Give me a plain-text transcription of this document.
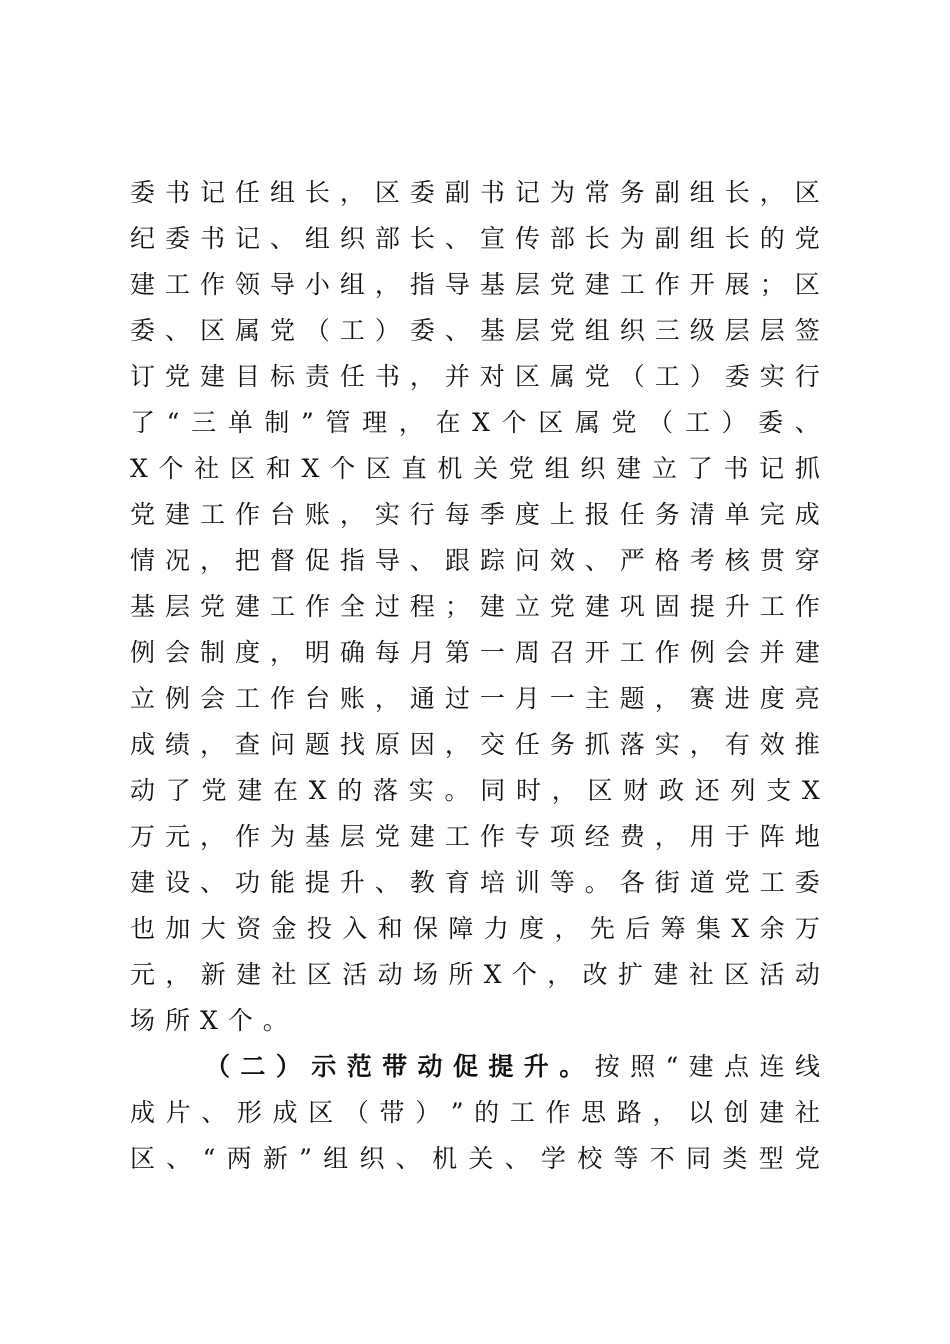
委 书 记 任 组 长 ， 区 委 副 书 记 为 常 务 副 组 长 ， 区
纪 委 书 记 、 组 织 部 长 、 宣 传 部 长 为 副 组 长 的 党
建 工 作 领 导 小 组 ， 指 导 基 层 党 建 工 作 开 展 ； 区
委 、 区 属 党 （ 工 ） 委 、 基 层 党 组 织 三 级 层 层 签
订 党 建 目 标 责 任 书 ， 并 对 区 属 党 （ 工 ） 委 实 行
了 “ 三 单 制 ” 管 理 ， 在 X 个 区 属 党 （ 工 ） 委 、
X 个 社 区 和 X 个 区 直 机 关 党 组 织 建 立 了 书 记 抓
党 建 工 作 台 账 ， 实 行 每 季 度 上 报 任 务 清 单 完 成
情 况 ， 把 督 促 指 导 、 跟 踪 问 效 、 严 格 考 核 贯 穿
基 层 党 建 工 作 全 过 程 ； 建 立 党 建 巩 固 提 升 工 作
例 会 制 度 ， 明 确 每 月 第 一 周 召 开 工 作 例 会 并 建
立 例 会 工 作 台 账 ， 通 过 一 月 一 主 题 ， 赛 进 度 亮
成 绩 ， 查 问 题 找 原 因 ， 交 任 务 抓 落 实 ， 有 效 推
动 了 党 建 在 X 的 落 实 。 同 时 ， 区 财 政 还 列 支 X
万 元 ， 作 为 基 层 党 建 工 作 专 项 经 费 ， 用 于 阵 地
建 设 、 功 能 提 升 、 教 育 培 训 等 。 各 街 道 党 工 委
也 加 大 资 金 投 入 和 保 障 力 度 ， 先 后 筹 集 X 余 万
元 ， 新 建 社 区 活 动 场 所 X 个 ， 改 扩 建 社 区 活 动
场所X个。
（ 二 ） 示 范 带 动 促 提 升 。 按 照 “ 建 点 连 线
成 片 、 形 成 区 （ 带 ） ” 的 工 作 思 路 ， 以 创 建 社
区 、 “ 两 新 ” 组 织 、 机 关 、 学 校 等 不 同 类 型 党
